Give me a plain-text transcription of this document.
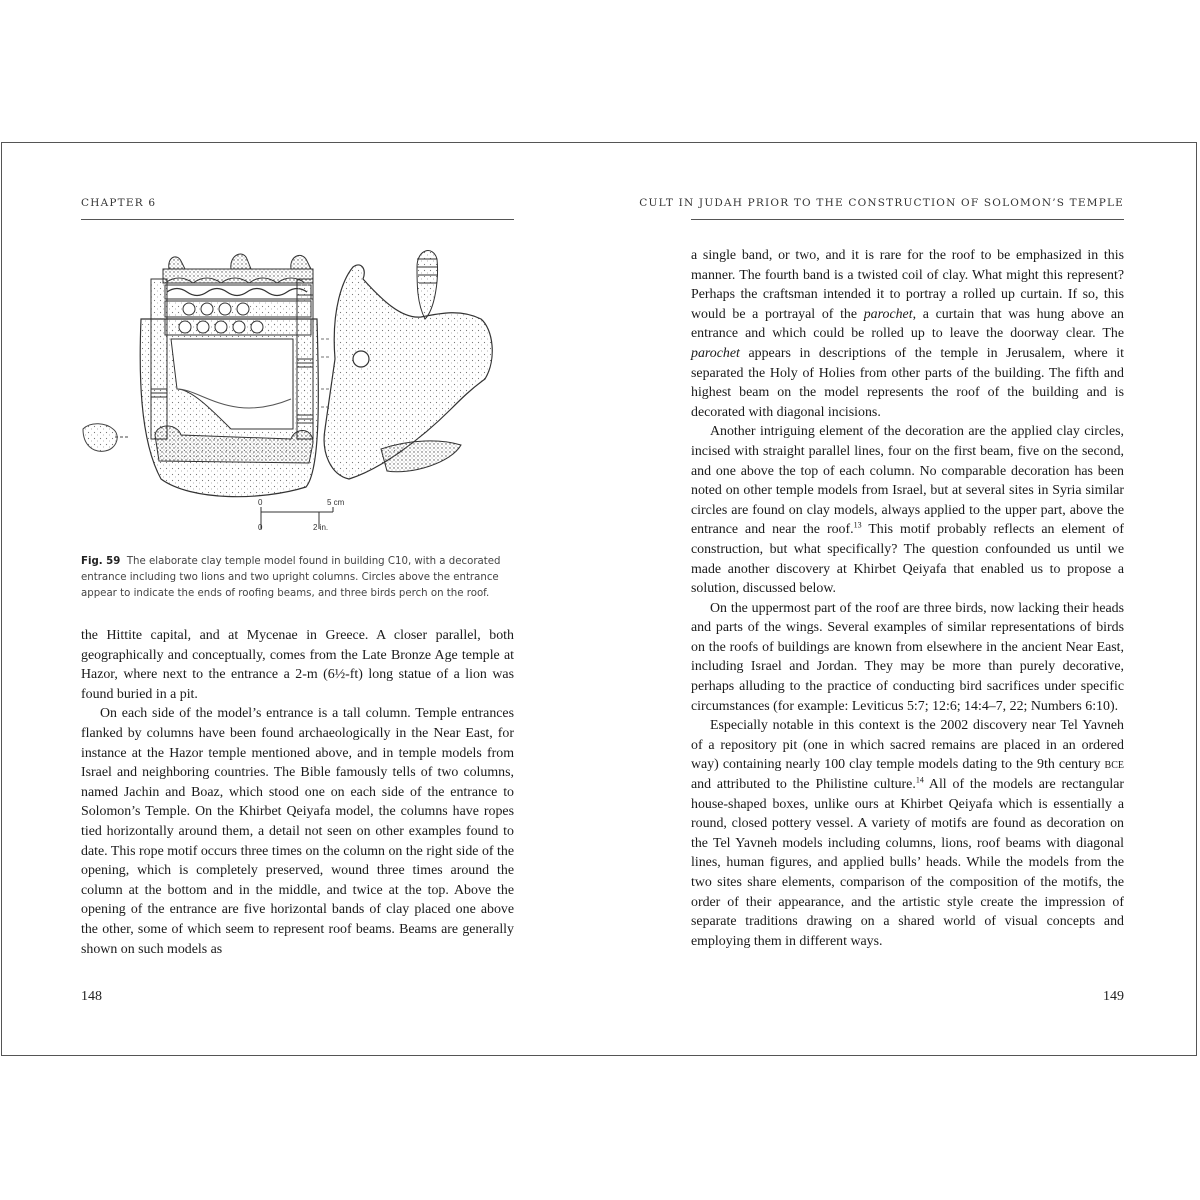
CHAPTER 6
0	5 cm
0	2 in.
Fig. 59 The elaborate clay temple model found in building C10, with a decorated entrance including two lions and two upright columns. Circles above the entrance appear to indicate the ends of roofing beams, and three birds perch on the roof.

the Hittite capital, and at Mycenae in Greece. A closer parallel, both geographically and conceptually, comes from the Late Bronze Age temple at Hazor, where next to the entrance a 2-m (6½-ft) long statue of a lion was found buried in a pit.

On each side of the model’s entrance is a tall column. Temple entrances flanked by columns have been found archaeologically in the Near East, for instance at the Hazor temple mentioned above, and in temple models from Israel and neighboring countries. The Bible famously tells of two columns, named Jachin and Boaz, which stood one on each side of the entrance to Solomon’s Temple. On the Khirbet Qeiyafa model, the columns have ropes tied horizontally around them, a detail not seen on other examples found to date. This rope motif occurs three times on the column on the right side of the opening, which is completely preserved, wound three times around the column at the bottom and in the middle, and twice at the top. Above the opening of the entrance are five horizontal bands of clay placed one above the other, some of which seem to represent roof beams. Beams are generally shown on such models as

148
CULT IN JUDAH PRIOR TO THE CONSTRUCTION OF SOLOMON’S TEMPLE

a single band, or two, and it is rare for the roof to be emphasized in this manner. The fourth band is a twisted coil of clay. What might this represent? Perhaps the craftsman intended it to portray a rolled up curtain. If so, this would be a portrayal of the parochet, a curtain that was hung above an entrance and which could be rolled up to leave the doorway clear. The parochet appears in descriptions of the temple in Jerusalem, where it separated the Holy of Holies from other parts of the building. The fifth and highest beam on the model represents the roof of the building and is decorated with diagonal incisions.

Another intriguing element of the decoration are the applied clay circles, incised with straight parallel lines, four on the first beam, five on the second, and one above the top of each column. No comparable decoration has been noted on other temple models from Israel, but at several sites in Syria similar circles are found on clay models, always applied to the upper part, above the entrance and near the roof.$^{13}$ This motif probably reflects an element of construction, but what specifically? The question confounded us until we made another discovery at Khirbet Qeiyafa that enabled us to propose a solution, discussed below.

On the uppermost part of the roof are three birds, now lacking their heads and parts of the wings. Several examples of similar representations of birds on the roofs of buildings are known from elsewhere in the ancient Near East, including Israel and Jordan. They may be more than purely decorative, perhaps alluding to the practice of conducting bird sacrifices under specific circumstances (for example: Leviticus 5:7; 12:6; 14:4–7, 22; Numbers 6:10).

Especially notable in this context is the 2002 discovery near Tel Yavneh of a repository pit (one in which sacred remains are placed in an ordered way) containing nearly 100 clay temple models dating to the 9th century bce and attributed to the Philistine culture.$^{14}$ All of the models are rectangular house-shaped boxes, unlike ours at Khirbet Qeiyafa which is essentially a round, closed pottery vessel. A variety of motifs are found as decoration on the Tel Yavneh models including columns, lions, roof beams with diagonal lines, human figures, and applied bulls’ heads. While the models from the two sites share elements, comparison of the composition of the motifs, the order of their appearance, and the artistic style create the impression of separate traditions drawing on a shared world of visual concepts and employing them in different ways.

149
